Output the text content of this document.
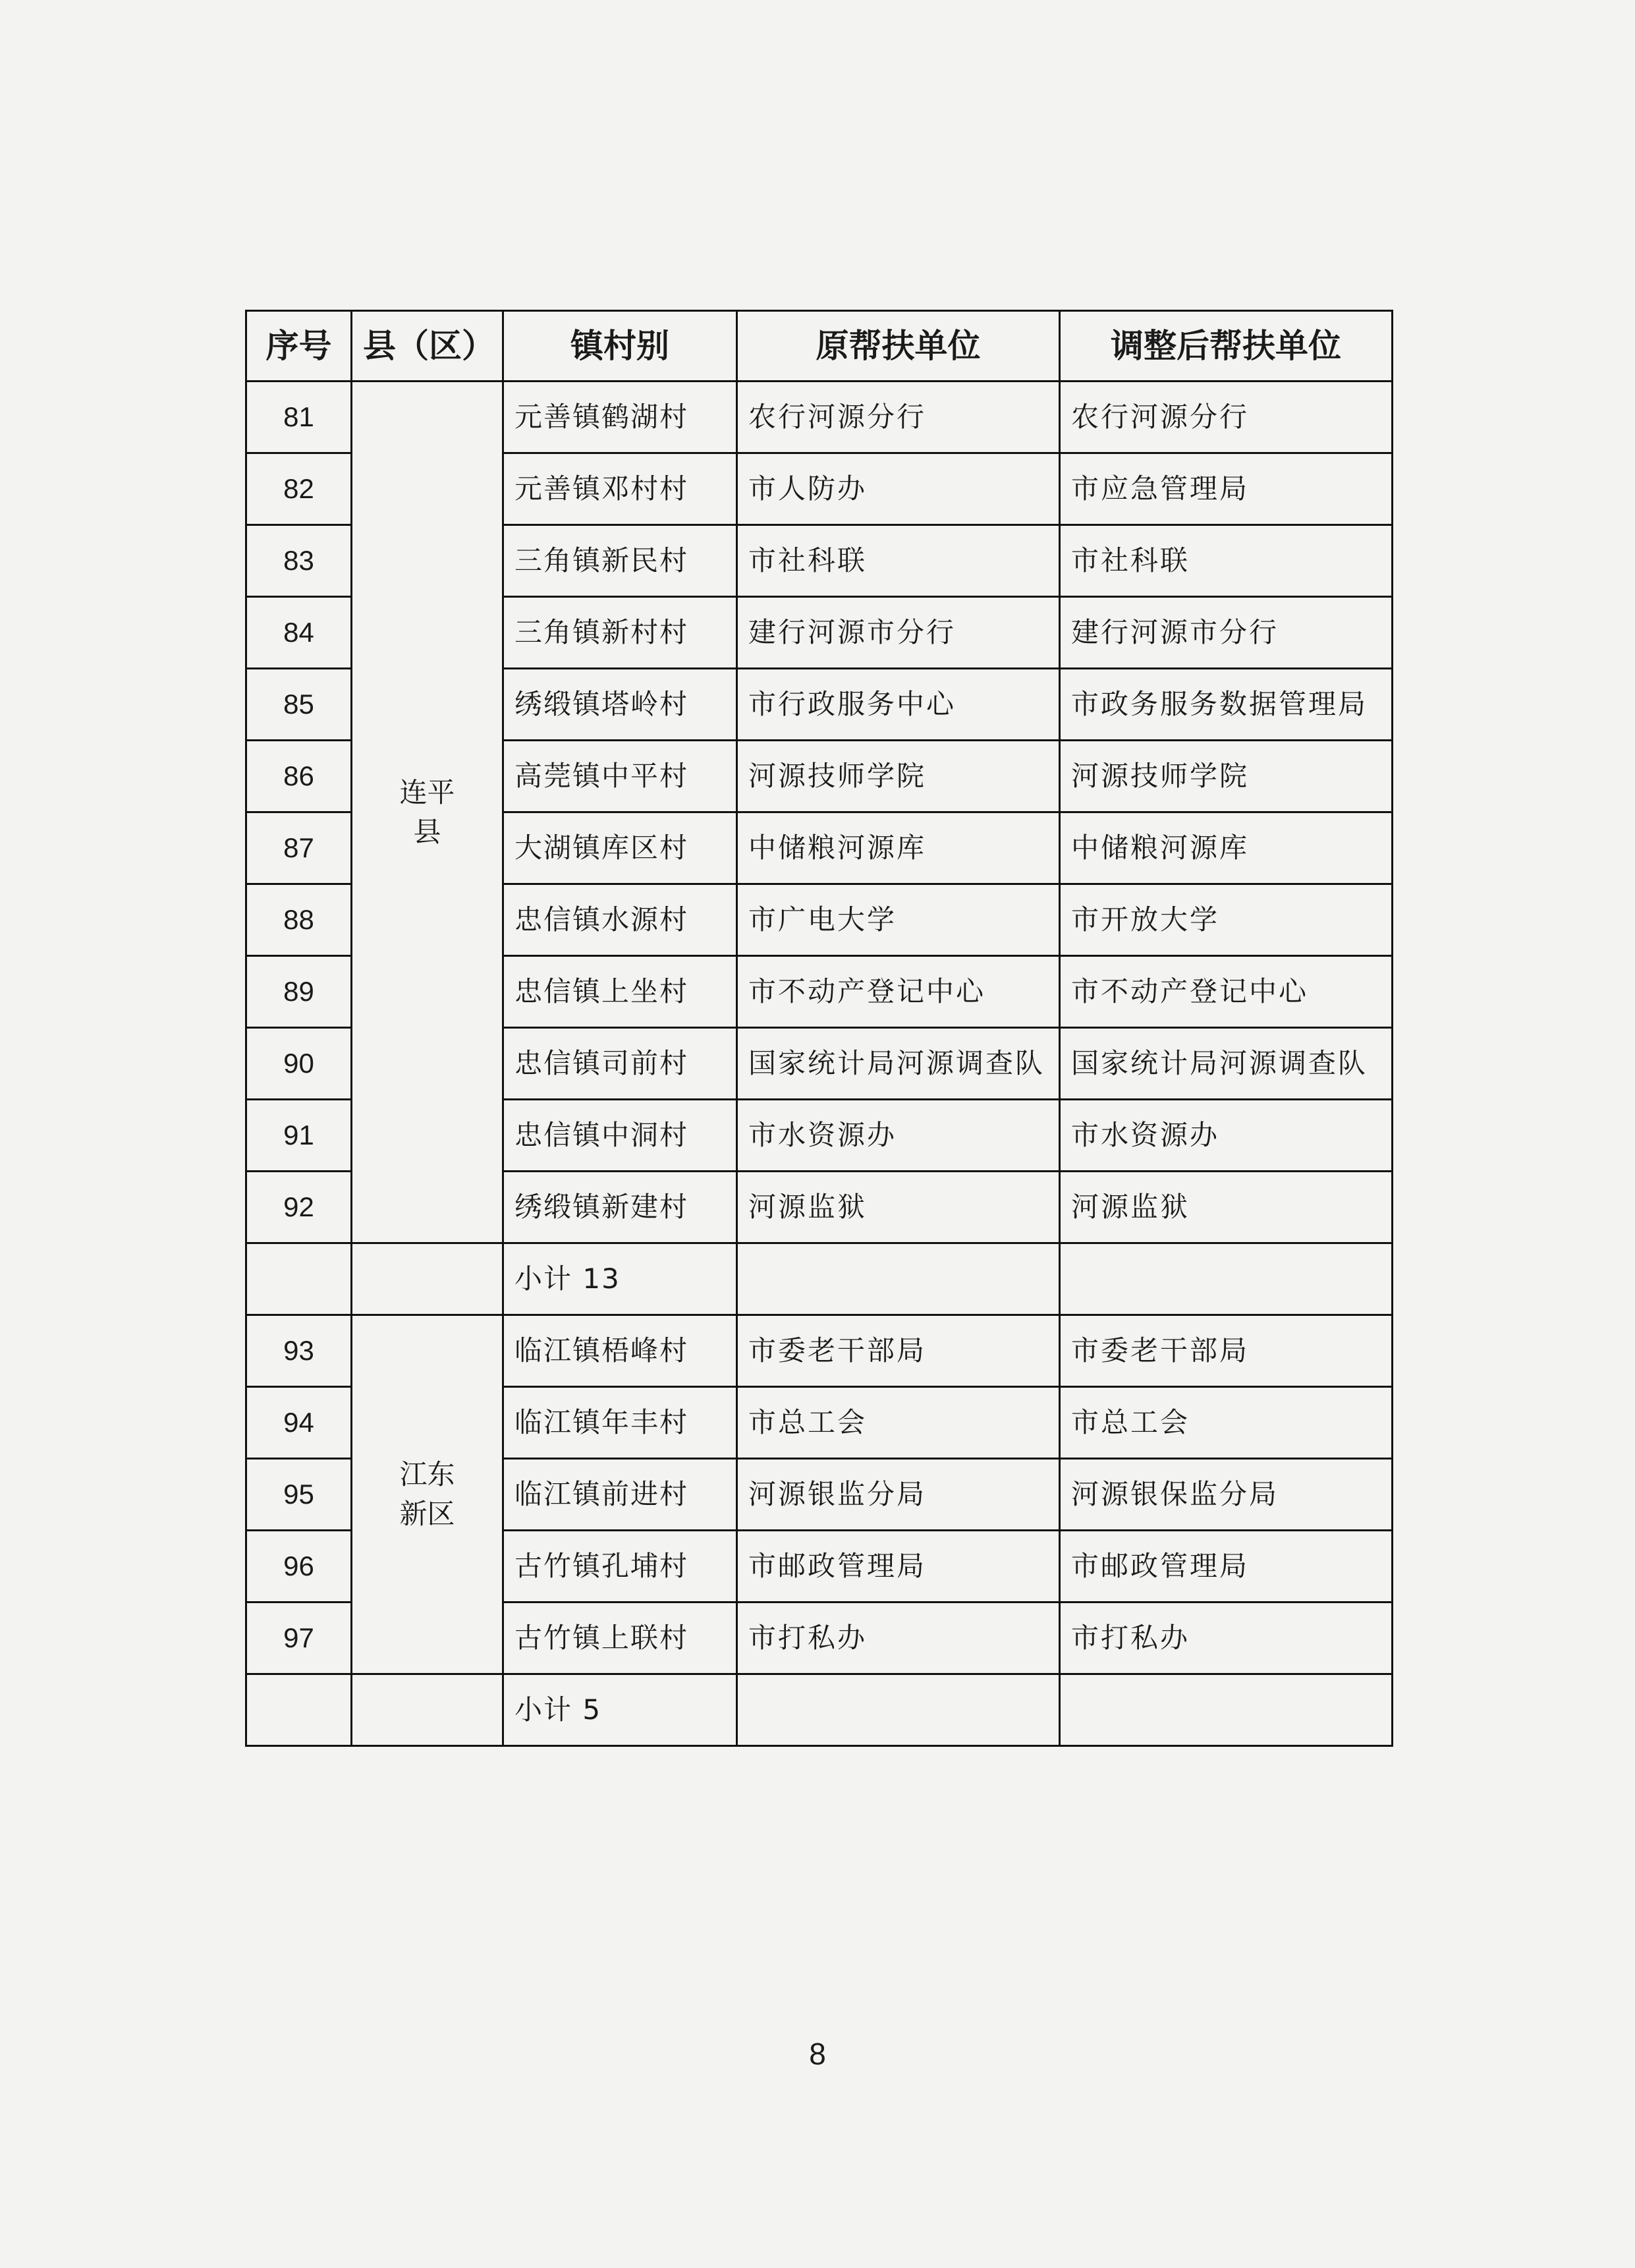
序号	县（区）	镇村别	原帮扶单位	调整后帮扶单位
81	连平县	元善镇鹤湖村	农行河源分行	农行河源分行
82		元善镇邓村村	市人防办	市应急管理局
83		三角镇新民村	市社科联	市社科联
84		三角镇新村村	建行河源市分行	建行河源市分行
85		绣缎镇塔岭村	市行政服务中心	市政务服务数据管理局
86		高莞镇中平村	河源技师学院	河源技师学院
87		大湖镇库区村	中储粮河源库	中储粮河源库
88		忠信镇水源村	市广电大学	市开放大学
89		忠信镇上坐村	市不动产登记中心	市不动产登记中心
90		忠信镇司前村	国家统计局河源调查队	国家统计局河源调查队
91		忠信镇中洞村	市水资源办	市水资源办
92		绣缎镇新建村	河源监狱	河源监狱
		小计 13		
93	江东新区	临江镇梧峰村	市委老干部局	市委老干部局
94		临江镇年丰村	市总工会	市总工会
95		临江镇前进村	河源银监分局	河源银保监分局
96		古竹镇孔埔村	市邮政管理局	市邮政管理局
97		古竹镇上联村	市打私办	市打私办
		小计 5		
8
